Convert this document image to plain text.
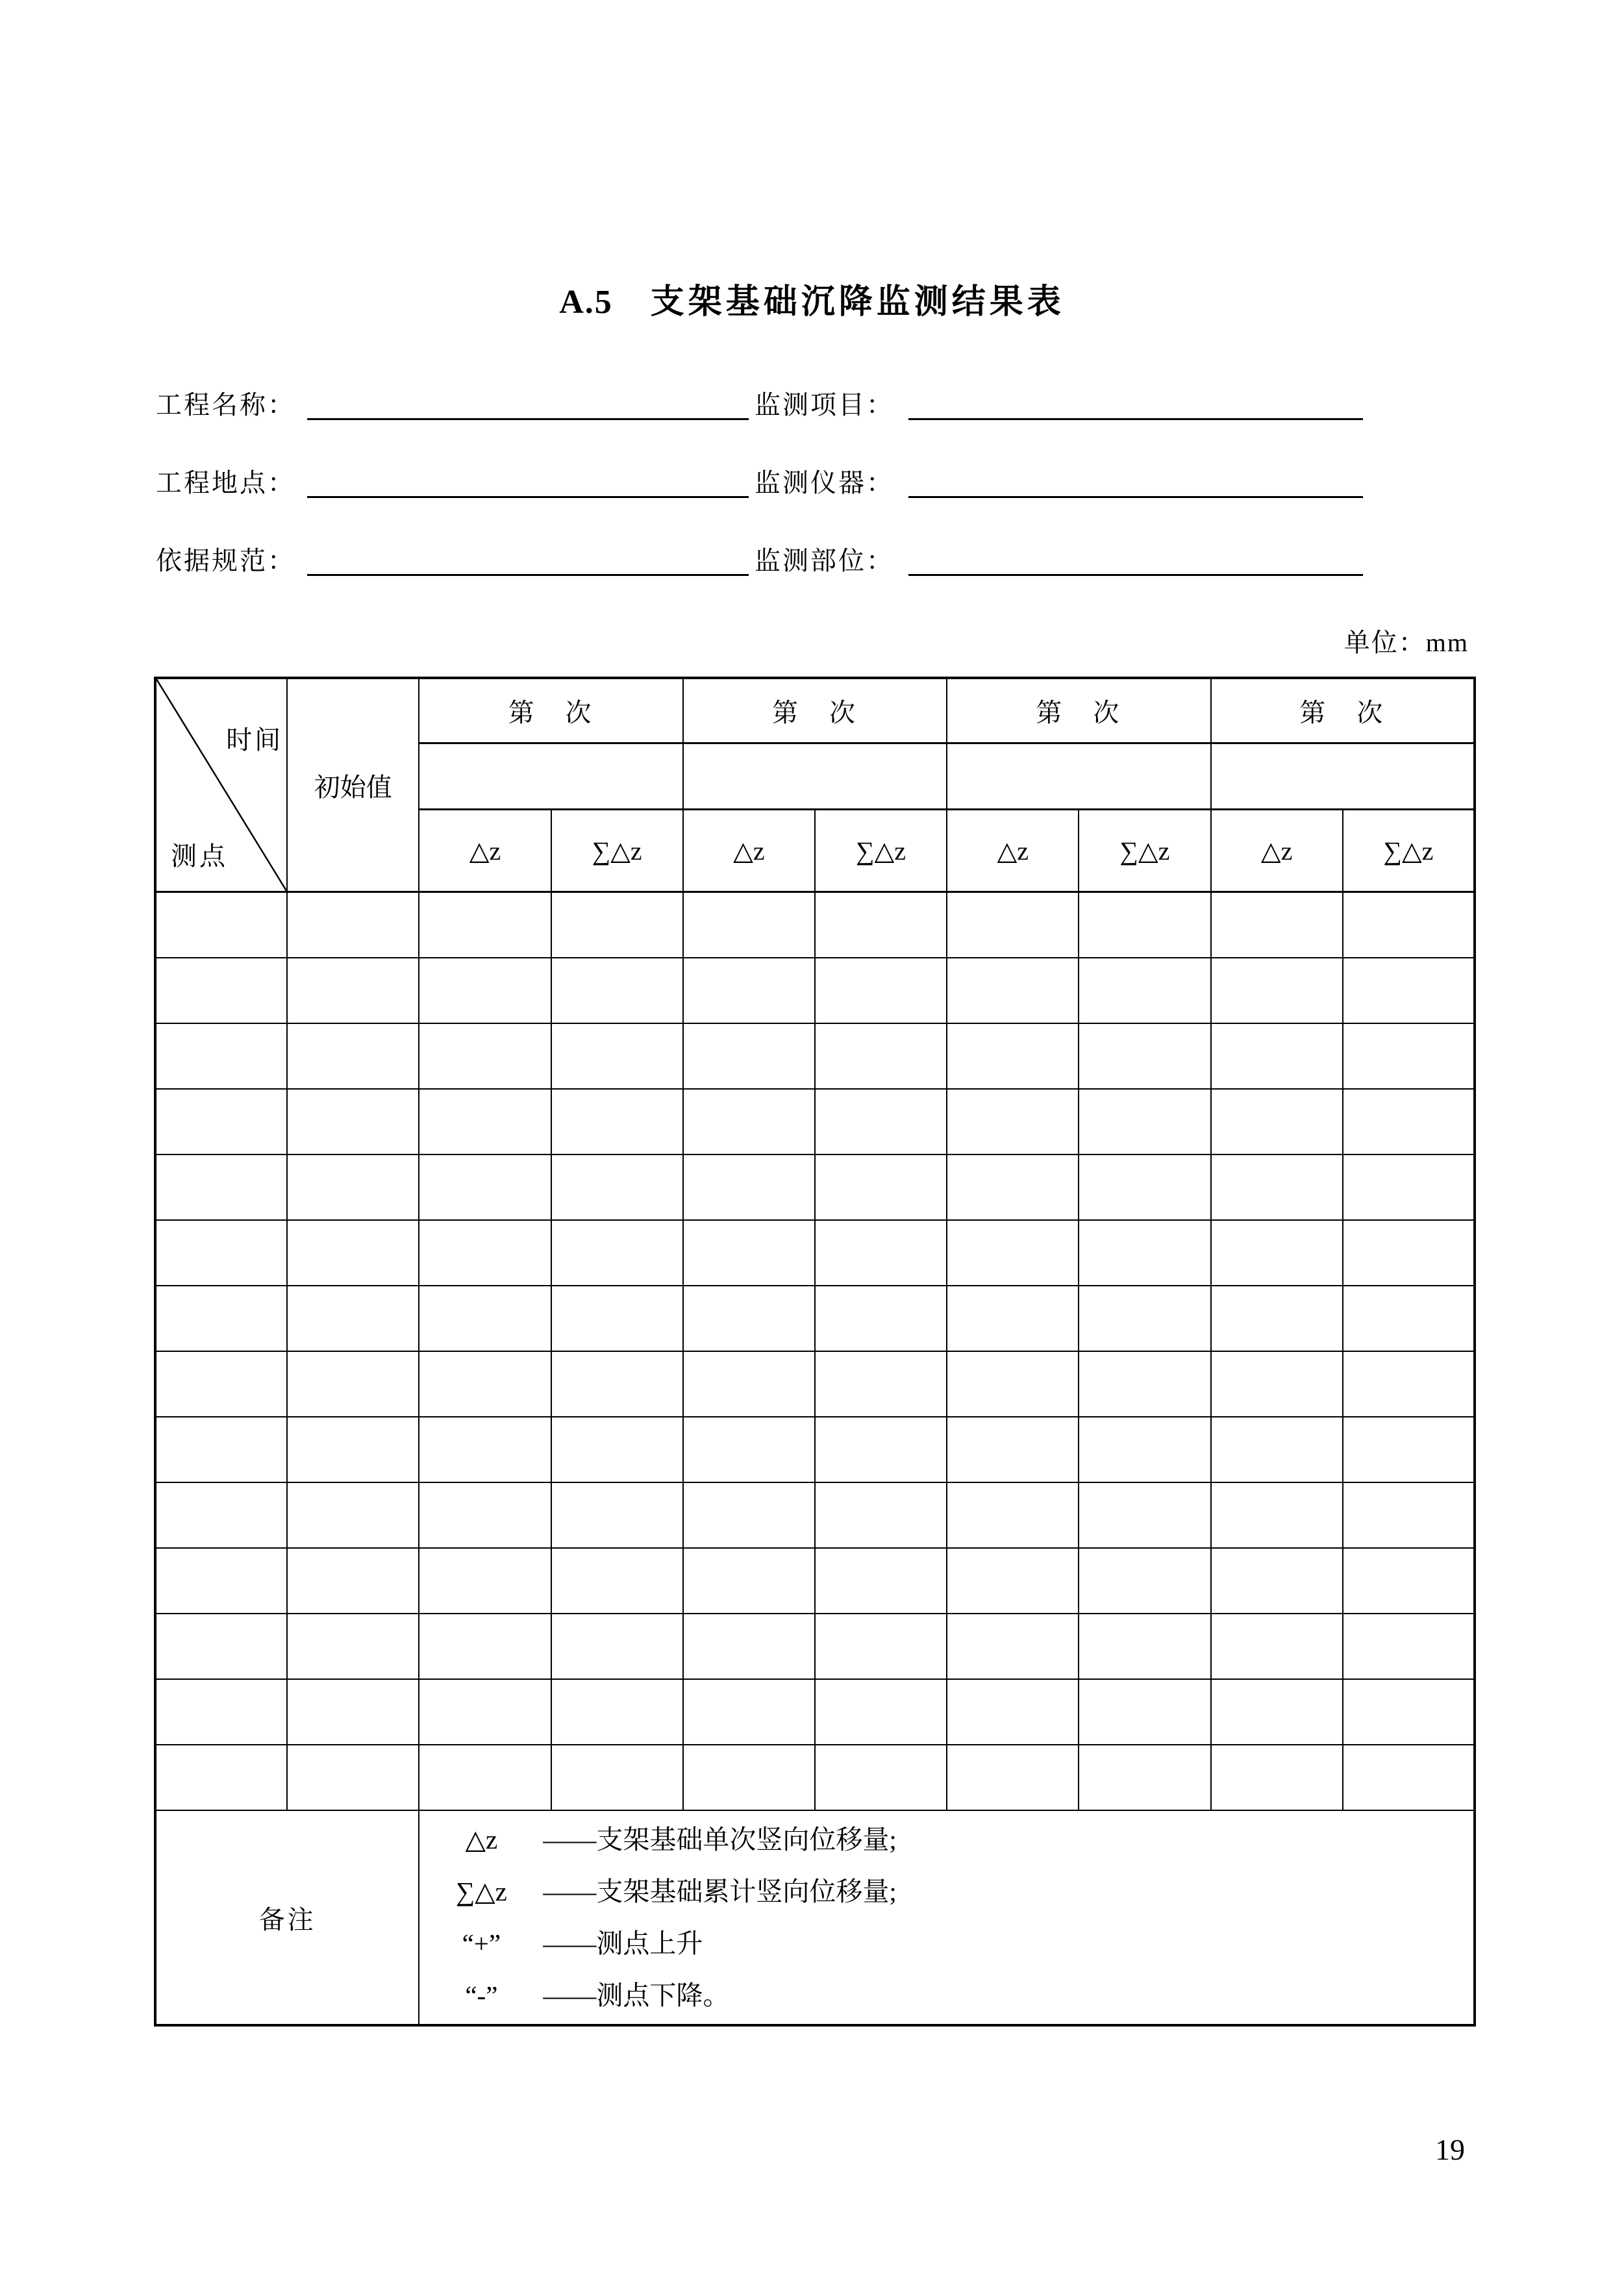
A.5 支架基础沉降监测结果表
工程名称：	监测项目：
工程地点：	监测仪器：
依据规范：	监测部位：
单位：mm
时间
测点	初始值	第　次		第　次		第　次		第　次	

		△z	∑△z	△z	∑△z	△z	∑△z	△z	∑△z

备注	
△z	——支架基础单次竖向位移量;
∑△z	——支架基础累计竖向位移量;
“+”	——测点上升
“-”	——测点下降。
19
